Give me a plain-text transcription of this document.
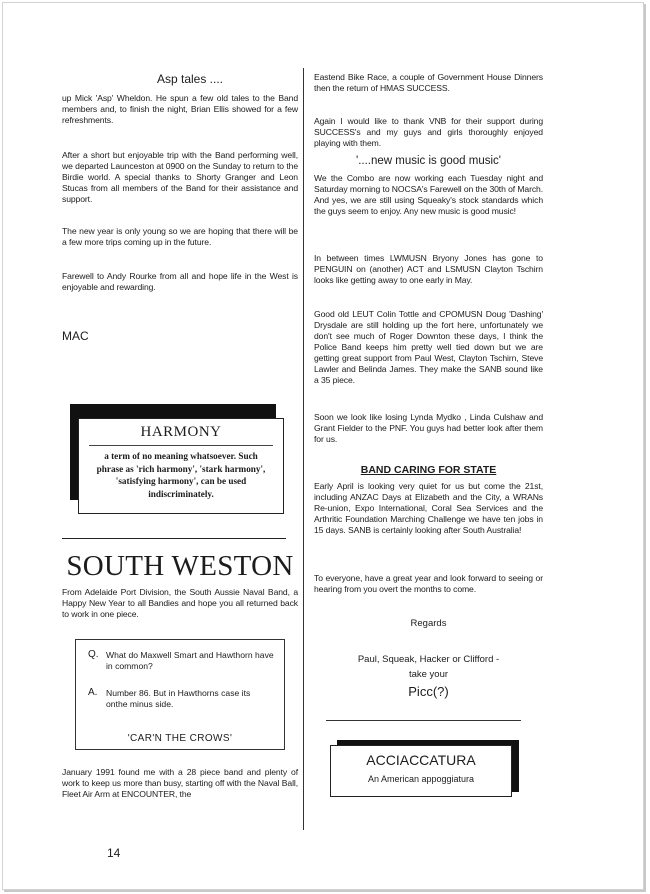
Asp tales ....

up Mick 'Asp' Wheldon. He spun a few old tales to the Band members and, to finish the night, Brian Ellis showed for a few refreshments.

After a short but enjoyable trip with the Band performing well, we departed Launceston at 0900 on the Sunday to return to the Birdie world. A special thanks to Shorty Granger and Leon Stucas from all members of the Band for their assistance and support.

The new year is only young so we are hoping that there will be a few more trips coming up in the future.

Farewell to Andy Rourke from all and hope life in the West is enjoyable and rewarding.

MAC
HARMONY
a term of no meaning whatsoever. Such phrase as 'rich harmony', 'stark harmony', 'satisfying harmony', can be used indiscriminately.
SOUTH WESTON

From Adelaide Port Division, the South Aussie Naval Band, a Happy New Year to all Bandies and hope you all returned back to work in one piece.

Q. What do Maxwell Smart and Hawthorn have in common?
A. Number 86. But in Hawthorns case its onthe minus side.
'CAR'N THE CROWS'

January 1991 found me with a 28 piece band and plenty of work to keep us more than busy, starting off with the Naval Ball, Fleet Air Arm at ENCOUNTER, the

Eastend Bike Race, a couple of Government House Dinners then the return of HMAS SUCCESS.

Again I would like to thank VNB for their support during SUCCESS's and my guys and girls thoroughly enjoyed playing with them.

'....new music is good music'

We the Combo are now working each Tuesday night and Saturday morning to NOCSA's Farewell on the 30th of March. And yes, we are still using Squeaky's stock standards which the guys seem to enjoy. Any new music is good music!

In between times LWMUSN Bryony Jones has gone to PENGUIN on (another) ACT and LSMUSN Clayton Tschirn looks like getting away to one early in May.

Good old LEUT Colin Tottle and CPOMUSN Doug 'Dashing' Drysdale are still holding up the fort here, unfortunately we don't see much of Roger Downton these days, I think the Police Band keeps him pretty well tied down but we are getting great support from Paul West, Clayton Tschirn, Steve Lawler and Belinda James. They make the SANB sound like a 35 piece.

Soon we look like losing Lynda Mydko , Linda Culshaw and Grant Fielder to the PNF. You guys had better look after them for us.

BAND CARING FOR STATE

Early April is looking very quiet for us but come the 21st, including ANZAC Days at Elizabeth and the City, a WRANs Re-union, Expo International, Coral Sea Services and the Arthritic Foundation Marching Challenge we have ten jobs in 15 days. SANB is certainly looking after South Australia!

To everyone, have a great year and look forward to seeing or hearing from you overt the months to come.

Regards
Paul, Squeak, Hacker or Clifford -
take your
Picc(?)
ACCIACCATURA
An American appoggiatura
14
